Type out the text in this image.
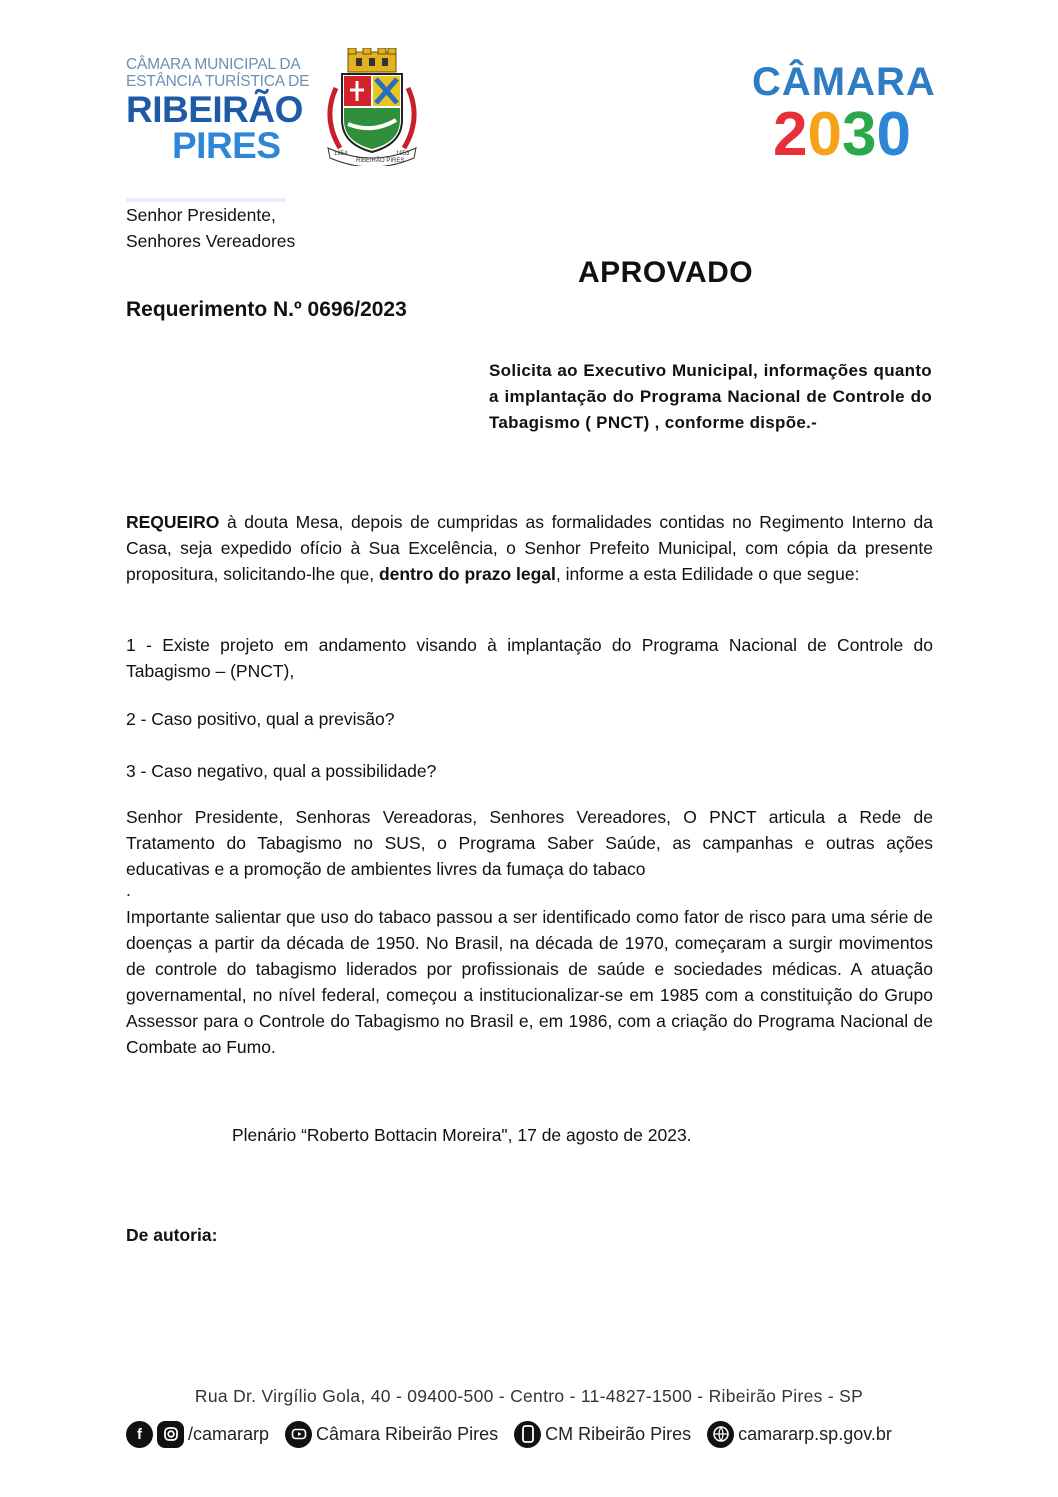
CÂMARA MUNICIPAL DA
ESTÂNCIA TURÍSTICA DE
RIBEIRÃO
PIRES	1954
RIBEIRÃO PIRES
1953
CÂMARA
2030
Senhor Presidente,
Senhores Vereadores
APROVADO
Requerimento N.º 0696/2023
Solicita ao Executivo Municipal, informações quanto a implantação do Programa Nacional de Controle do Tabagismo ( PNCT) , conforme dispõe.-
REQUEIRO à douta Mesa, depois de cumpridas as formalidades contidas no Regimento Interno da Casa, seja expedido ofício à Sua Excelência, o Senhor Prefeito Municipal, com cópia da presente propositura, solicitando-lhe que, dentro do prazo legal, informe a esta Edilidade o que segue:
1 - Existe projeto em andamento visando à implantação do Programa Nacional de Controle do Tabagismo – (PNCT),
2 - Caso positivo, qual a previsão?
3 - Caso negativo, qual a possibilidade?
Senhor Presidente, Senhoras Vereadoras, Senhores Vereadores, O PNCT articula a Rede de Tratamento do Tabagismo no SUS, o Programa Saber Saúde, as campanhas e outras ações educativas e a promoção de ambientes livres da fumaça do tabaco
.
Importante salientar que uso do tabaco passou a ser identificado como fator de risco para uma série de doenças a partir da década de 1950. No Brasil, na década de 1970, começaram a surgir movimentos de controle do tabagismo liderados por profissionais de saúde e sociedades médicas. A atuação governamental, no nível federal, começou a institucionalizar-se em 1985 com a constituição do Grupo Assessor para o Controle do Tabagismo no Brasil e, em 1986, com a criação do Programa Nacional de Combate ao Fumo.
Plenário “Roberto Bottacin Moreira", 17 de agosto de 2023.
De autoria:
Rua Dr. Virgílio Gola, 40 - 09400-500 - Centro - 11-4827-1500 - Ribeirão Pires - SP
f	/camararp	Câmara Ribeirão Pires	CM Ribeirão Pires	camararp.sp.gov.br
